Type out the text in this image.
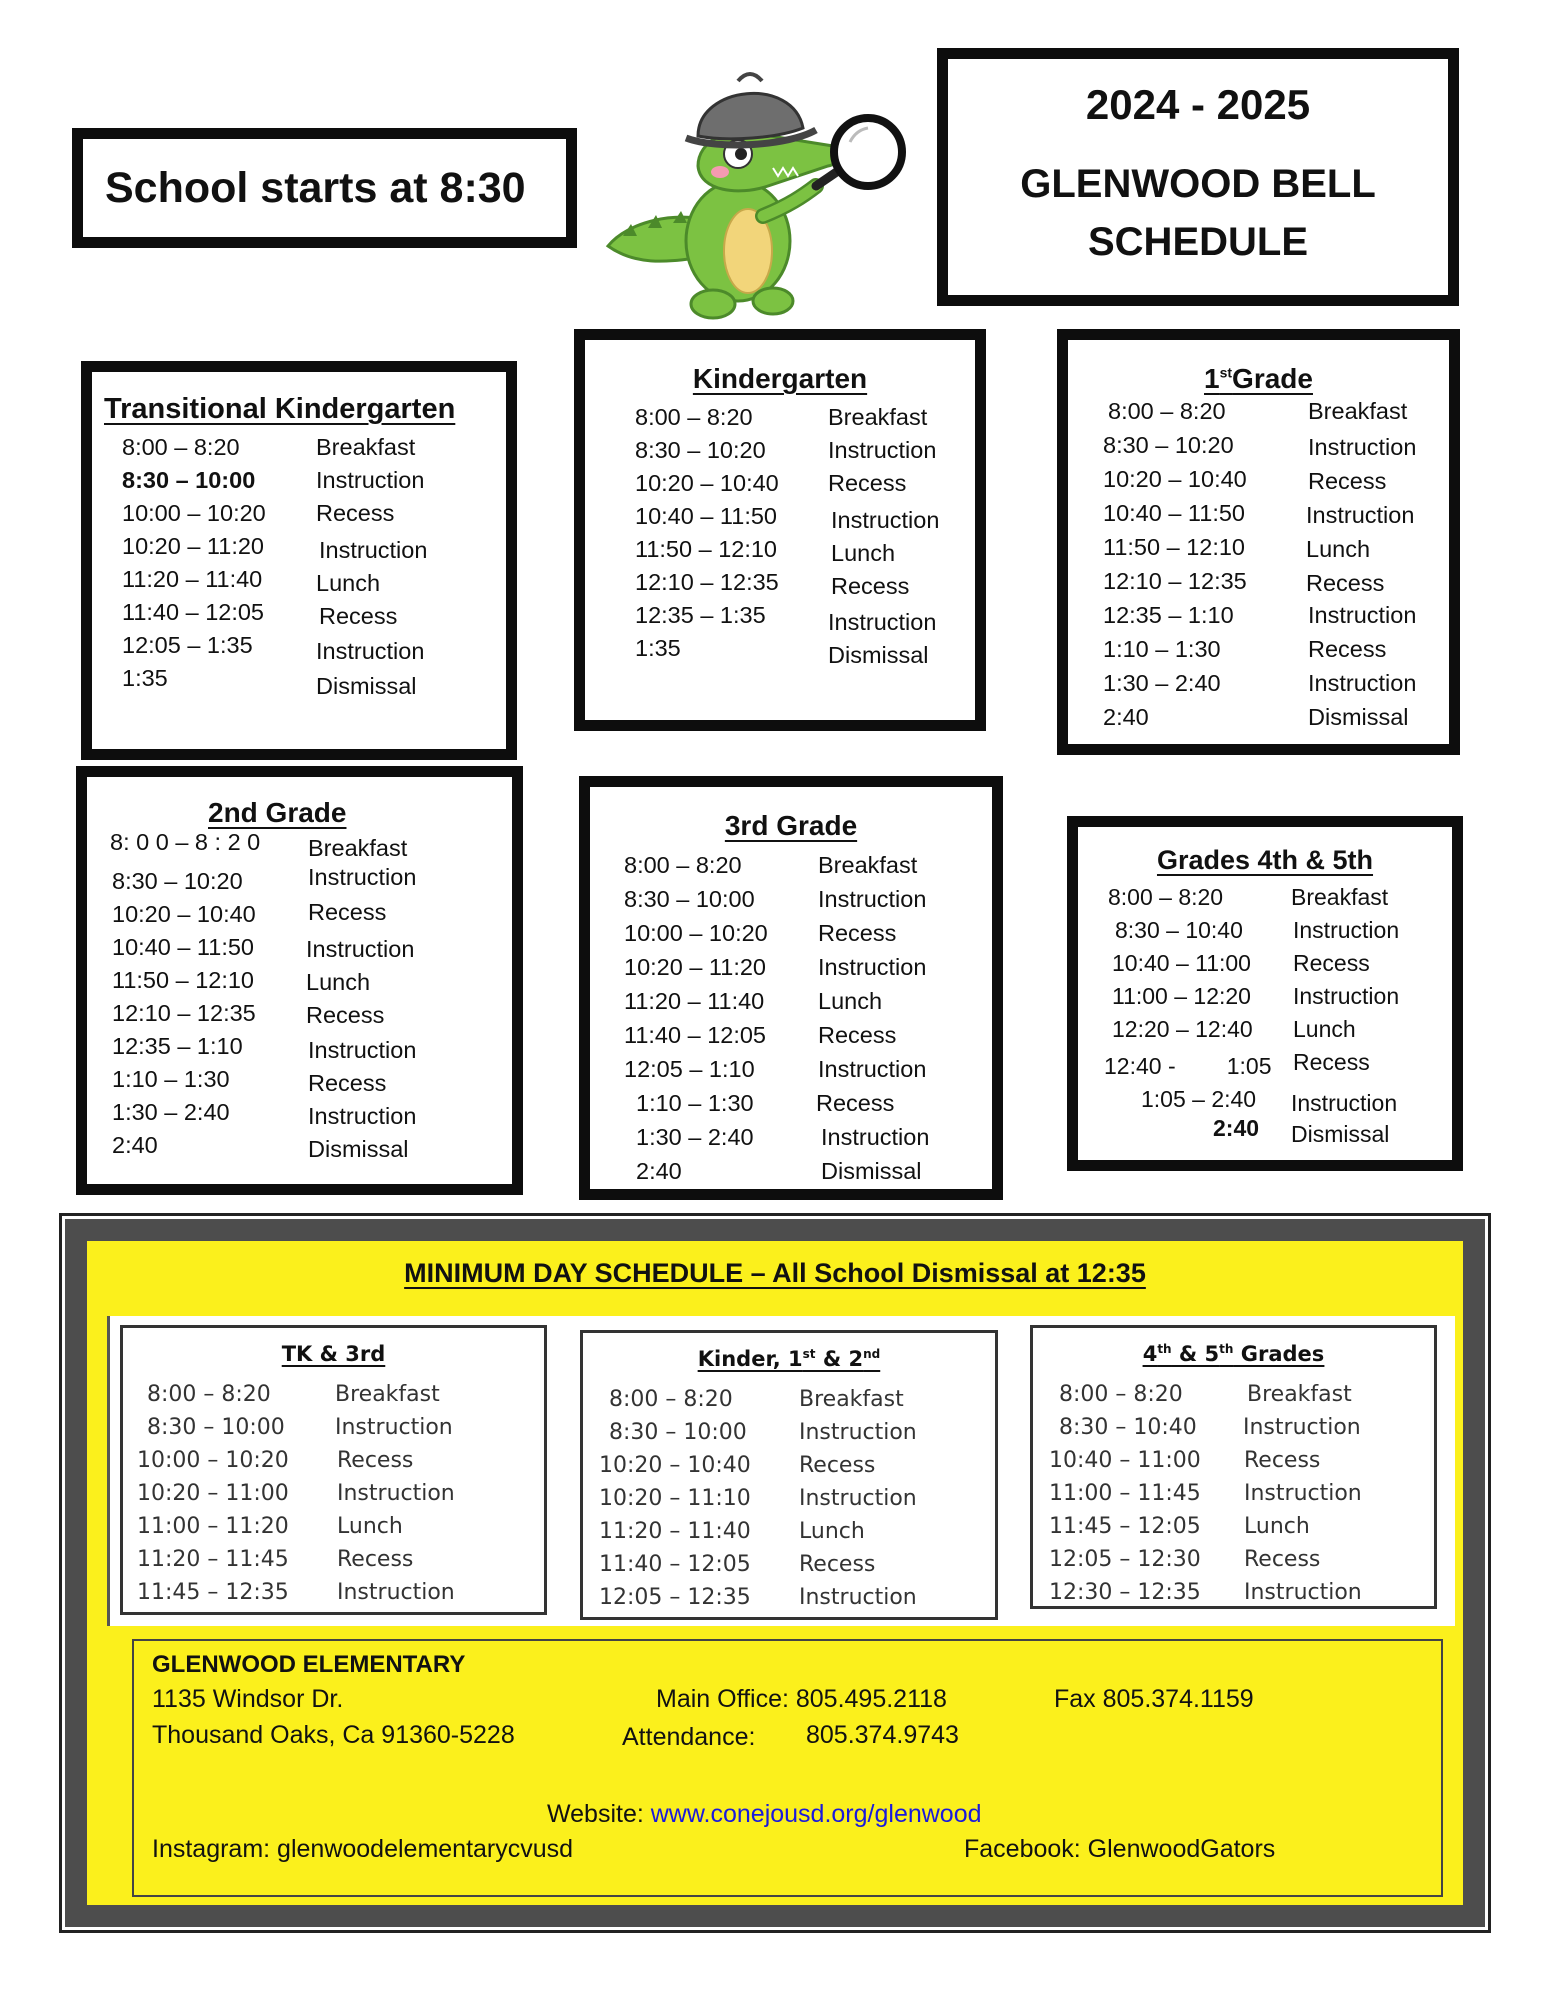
School starts at 8:30
2024 - 2025
GLENWOOD BELL
SCHEDULE
Transitional Kindergarten
8:00 – 8:20	Breakfast
8:30 – 10:00	Instruction
10:00 – 10:20 Recess
10:20 – 11:20 Instruction
11:20 – 11:40 Lunch
11:40 – 12:05 Recess
12:05 – 1:35	Instruction
1:35	Dismissal
Kindergarten
8:00 – 8:20	Breakfast
8:30 – 10:20	Instruction
10:20 – 10:40 Recess
10:40 – 11:50 Instruction
11:50 – 12:10 Lunch
12:10 – 12:35 Recess
12:35 – 1:35	Instruction
1:35	Dismissal
1stGrade
8:00 – 8:20	Breakfast
8:30 – 10:20	Instruction
10:20 – 10:40	Recess
10:40 – 11:50	Instruction
11:50 – 12:10	Lunch
12:10 – 12:35	Recess
12:35 – 1:10	Instruction
1:10 – 1:30	Recess
1:30 – 2:40	Instruction
2:40	Dismissal
2nd Grade
8: 0 0 – 8 : 2 0 Breakfast
8:30 – 10:20	Instruction
10:20 – 10:40 Recess
10:40 – 11:50 Instruction
11:50 – 12:10 Lunch
12:10 – 12:35 Recess
12:35 – 1:10	Instruction
1:10 – 1:30	Recess
1:30 – 2:40	Instruction
2:40	Dismissal
3rd Grade
8:00 – 8:20	Breakfast
8:30 – 10:00	Instruction
10:00 – 10:20 Recess
10:20 – 11:20 Instruction
11:20 – 11:40 Lunch
11:40 – 12:05 Recess
12:05 – 1:10	Instruction
1:10 – 1:30	Recess
1:30 – 2:40	Instruction
2:40	Dismissal
Grades 4th & 5th
8:00 – 8:20	Breakfast
8:30 – 10:40 Instruction
10:40 – 11:00 Recess
11:00 – 12:20 Instruction
12:20 – 12:40 Lunch
12:40 -        1:05 Recess
1:05 – 2:40 Instruction
2:40 Dismissal
MINIMUM DAY SCHEDULE – All School Dismissal at 12:35
TK & 3rd
8:00 – 8:20	Breakfast
8:30 – 10:00 Instruction
10:00 – 10:20 Recess
10:20 – 11:00 Instruction
11:00 – 11:20 Lunch
11:20 – 11:45 Recess
11:45 – 12:35 Instruction
Kinder, 1st & 2nd
8:00 – 8:20	Breakfast
8:30 – 10:00 Instruction
10:20 – 10:40 Recess
10:20 – 11:10 Instruction
11:20 – 11:40 Lunch
11:40 – 12:05 Recess
12:05 – 12:35 Instruction
4th & 5th Grades
8:00 – 8:20	Breakfast
8:30 – 10:40 Instruction
10:40 – 11:00 Recess
11:00 – 11:45 Instruction
11:45 – 12:05 Lunch
12:05 – 12:30 Recess
12:30 – 12:35 Instruction
GLENWOOD ELEMENTARY
1135 Windsor Dr.
Thousand Oaks, Ca 91360-5228
Main Office: 805.495.2118	Fax 805.374.1159
Attendance: 805.374.9743
Website: www.conejousd.org/glenwood
Instagram: glenwoodelementarycvusd	Facebook: GlenwoodGators
